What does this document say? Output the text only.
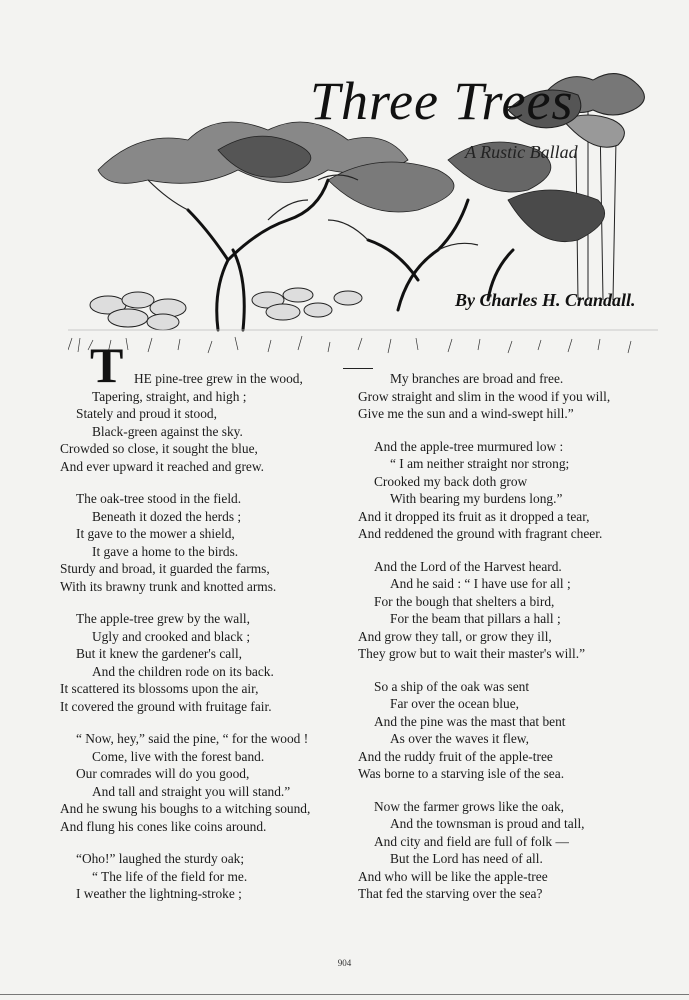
Three Trees
A Rustic Ballad
By Charles H. Crandall.
T HE pine-tree grew in the wood,
Tapering, straight, and high ;
Stately and proud it stood,
Black-green against the sky.
Crowded so close, it sought the blue,
And ever upward it reached and grew.
The oak-tree stood in the field.
Beneath it dozed the herds ;
It gave to the mower a shield,
It gave a home to the birds.
Sturdy and broad, it guarded the farms,
With its brawny trunk and knotted arms.
The apple-tree grew by the wall,
Ugly and crooked and black ;
But it knew the gardener's call,
And the children rode on its back.
It scattered its blossoms upon the air,
It covered the ground with fruitage fair.
“ Now, hey,” said the pine, “ for the wood !
Come, live with the forest band.
Our comrades will do you good,
And tall and straight you will stand.”
And he swung his boughs to a witching sound,
And flung his cones like coins around.
“Oho!” laughed the sturdy oak;
“ The life of the field for me.
I weather the lightning-stroke ;
My branches are broad and free.
Grow straight and slim in the wood if you will,
Give me the sun and a wind-swept hill.”
And the apple-tree murmured low :
“ I am neither straight nor strong;
Crooked my back doth grow
With bearing my burdens long.”
And it dropped its fruit as it dropped a tear,
And reddened the ground with fragrant cheer.
And the Lord of the Harvest heard.
And he said : “ I have use for all ;
For the bough that shelters a bird,
For the beam that pillars a hall ;
And grow they tall, or grow they ill,
They grow but to wait their master's will.”
So a ship of the oak was sent
Far over the ocean blue,
And the pine was the mast that bent
As over the waves it flew,
And the ruddy fruit of the apple-tree
Was borne to a starving isle of the sea.
Now the farmer grows like the oak,
And the townsman is proud and tall,
And city and field are full of folk —
But the Lord has need of all.
And who will be like the apple-tree
That fed the starving over the sea?
904
